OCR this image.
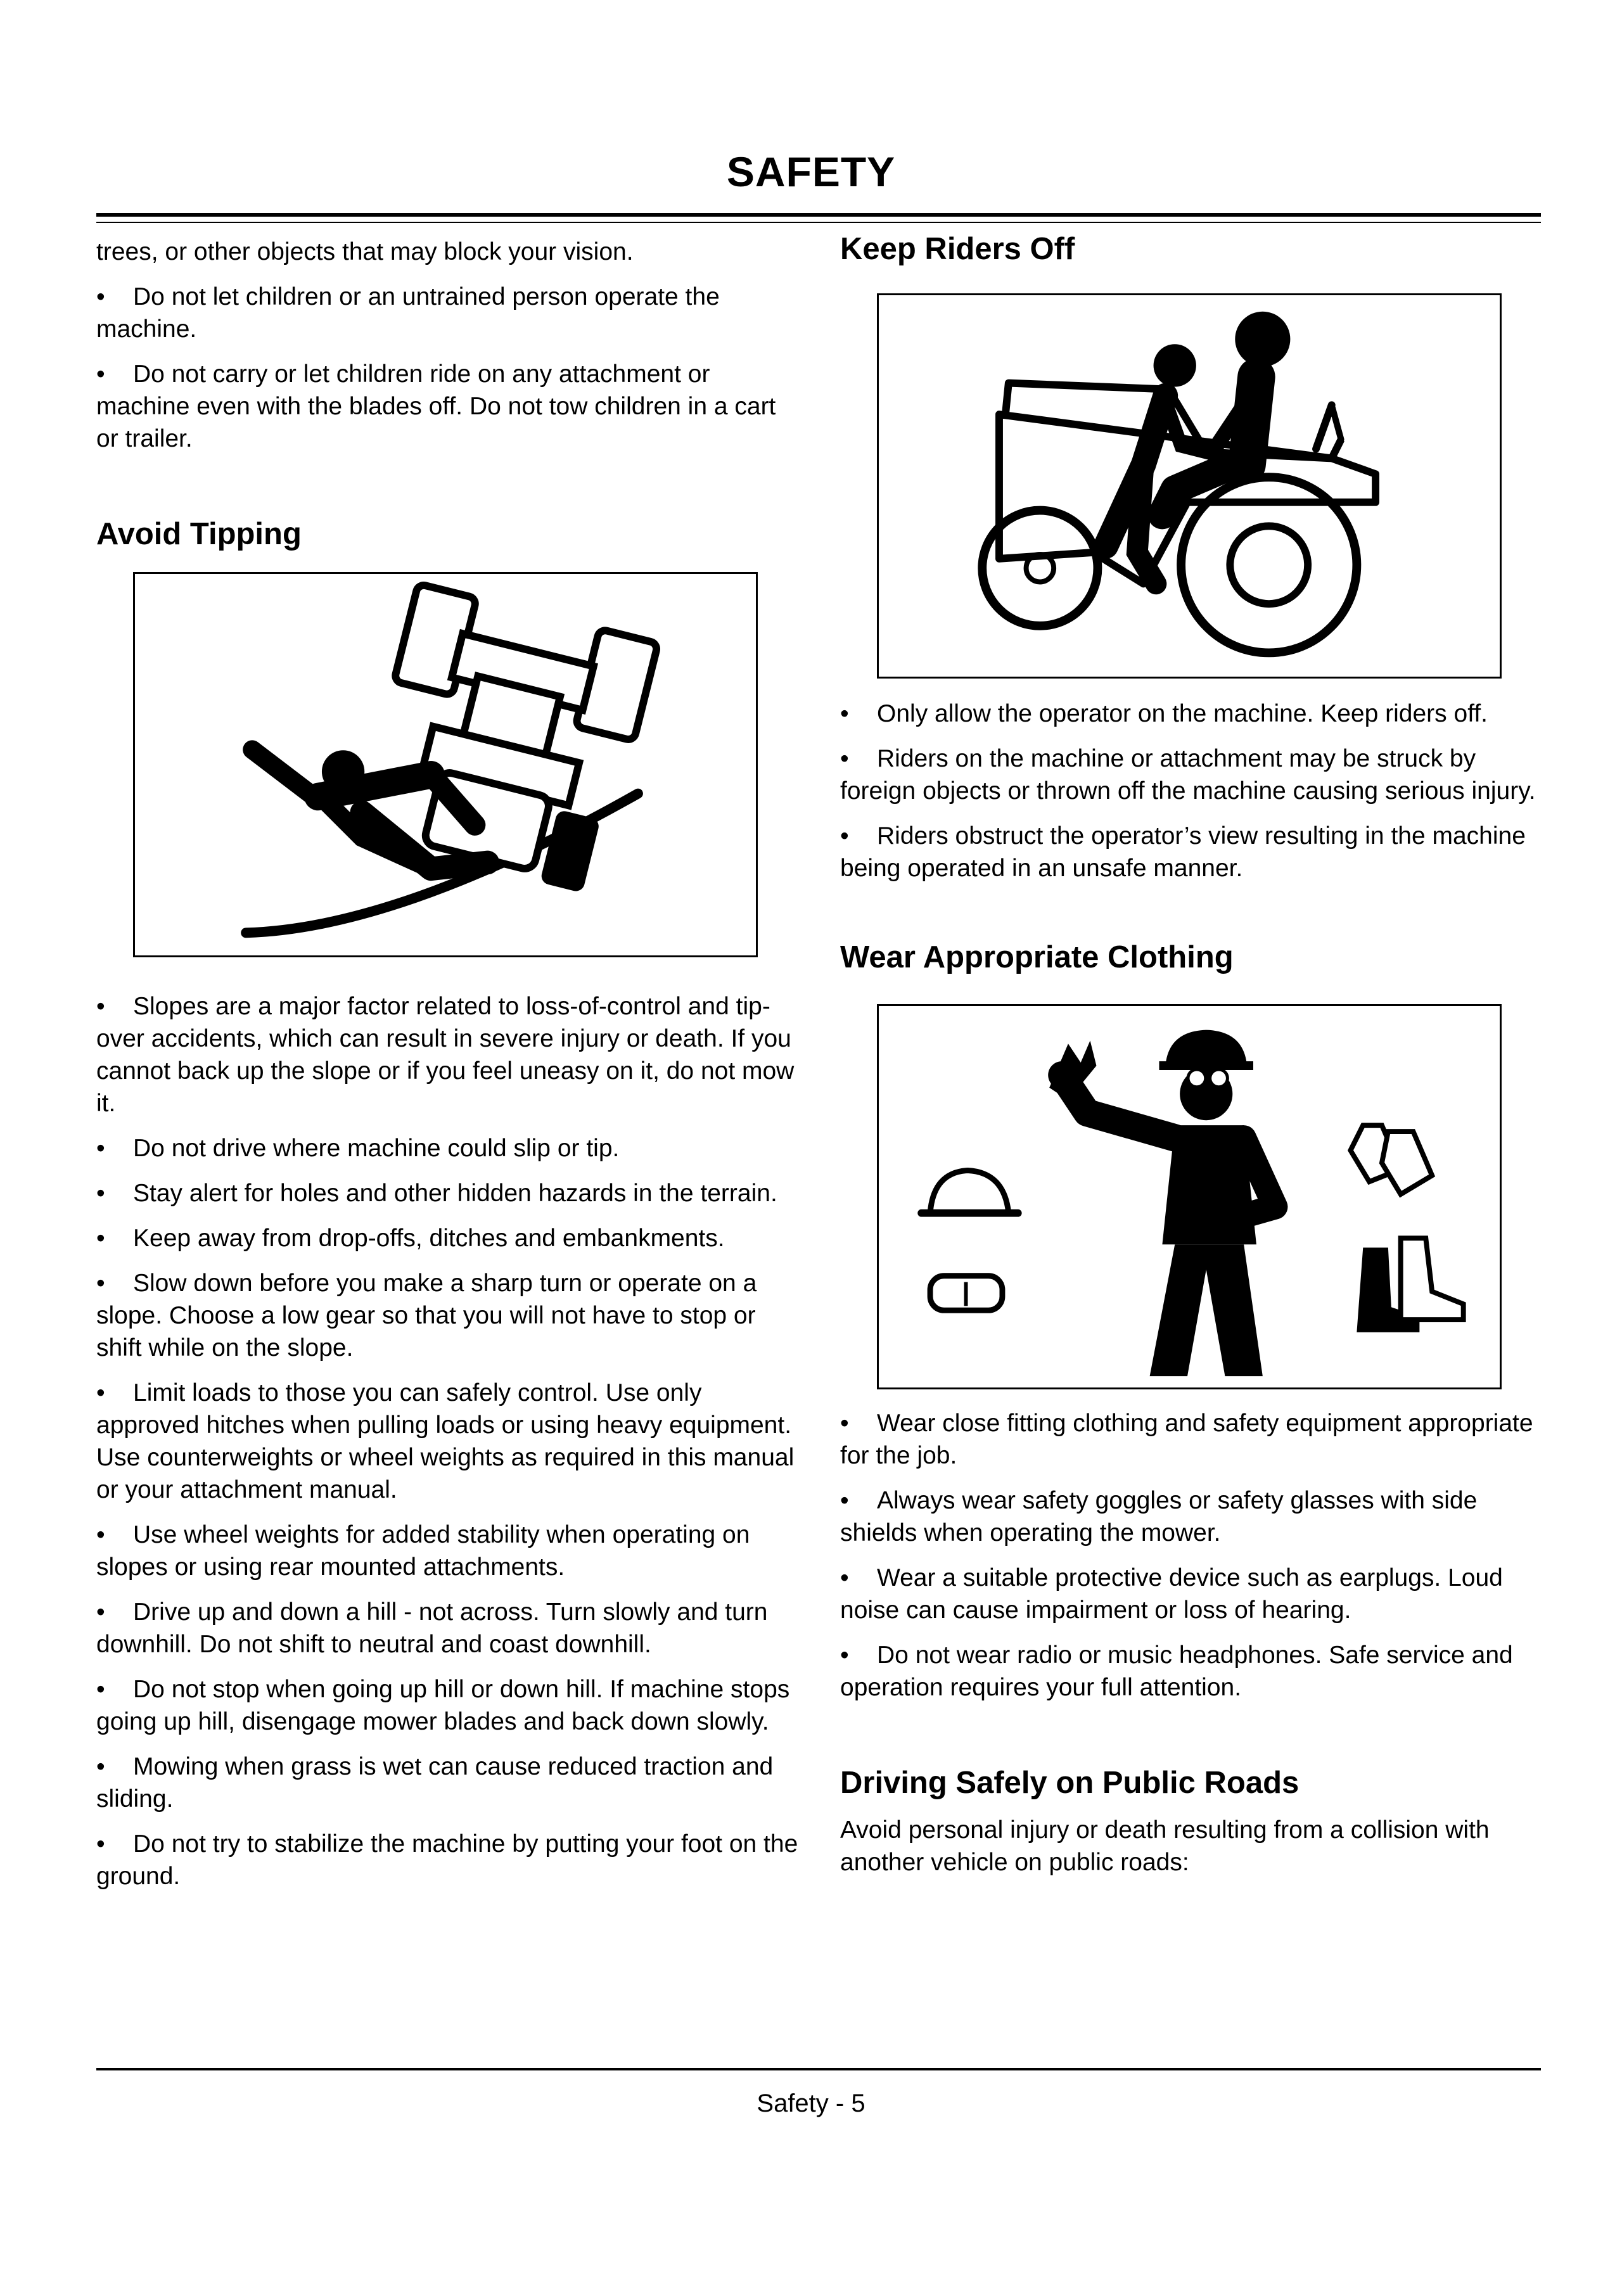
SAFETY

trees, or other objects that may block your vision.

• Do not let children or an untrained person operate the machine.

• Do not carry or let children ride on any attachment or machine even with the blades off. Do not tow children in a cart or trailer.

Avoid Tipping

• Slopes are a major factor related to loss-of-control and tip-over accidents, which can result in severe injury or death. If you cannot back up the slope or if you feel uneasy on it, do not mow it.

• Do not drive where machine could slip or tip.

• Stay alert for holes and other hidden hazards in the terrain.

• Keep away from drop-offs, ditches and embankments.

• Slow down before you make a sharp turn or operate on a slope. Choose a low gear so that you will not have to stop or shift while on the slope.

• Limit loads to those you can safely control. Use only approved hitches when pulling loads or using heavy equipment. Use counterweights or wheel weights as required in this manual or your attachment manual.

• Use wheel weights for added stability when operating on slopes or using rear mounted attachments.

• Drive up and down a hill - not across. Turn slowly and turn downhill. Do not shift to neutral and coast downhill.

• Do not stop when going up hill or down hill. If machine stops going up hill, disengage mower blades and back down slowly.

• Mowing when grass is wet can cause reduced traction and sliding.

• Do not try to stabilize the machine by putting your foot on the ground.

Keep Riders Off

• Only allow the operator on the machine. Keep riders off.

• Riders on the machine or attachment may be struck by foreign objects or thrown off the machine causing serious injury.

• Riders obstruct the operator’s view resulting in the machine being operated in an unsafe manner.

Wear Appropriate Clothing

• Wear close fitting clothing and safety equipment appropriate for the job.

• Always wear safety goggles or safety glasses with side shields when operating the mower.

• Wear a suitable protective device such as earplugs. Loud noise can cause impairment or loss of hearing.

• Do not wear radio or music headphones. Safe service and operation requires your full attention.

Driving Safely on Public Roads

Avoid personal injury or death resulting from a collision with another vehicle on public roads:

Safety - 5
